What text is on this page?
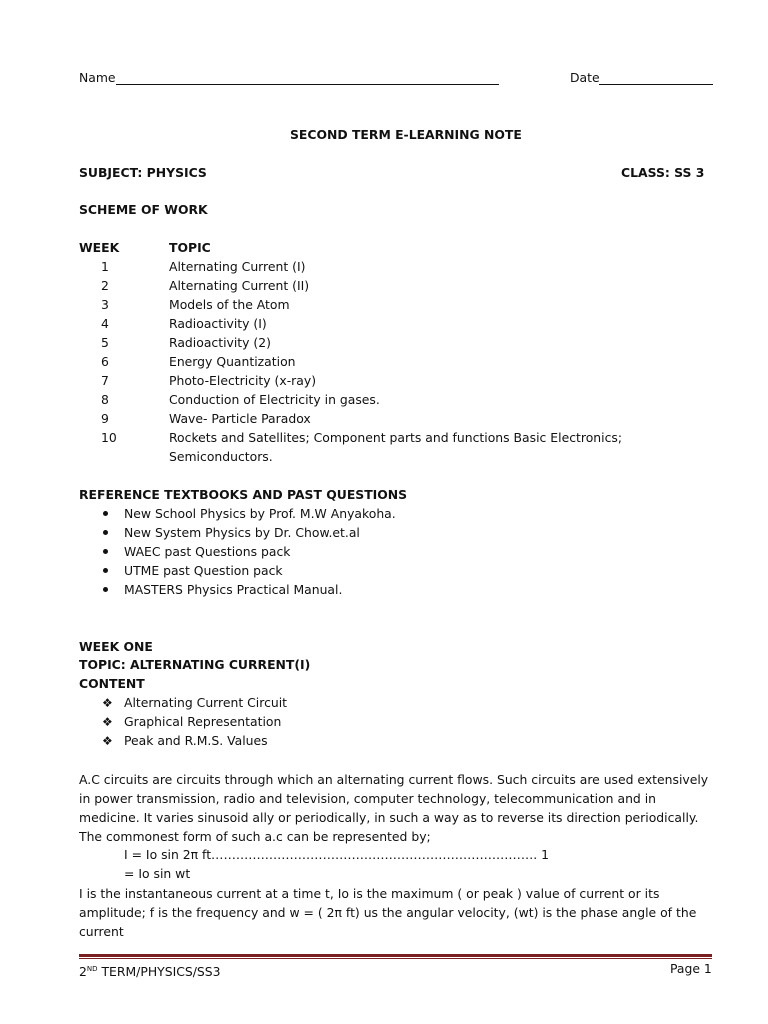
Name	Date
SECOND TERM E-LEARNING NOTE
SUBJECT: PHYSICS	CLASS: SS 3
SCHEME OF WORK
WEEK	TOPIC
1	Alternating Current (I)
2	Alternating Current (II)
3	Models of the Atom
4	Radioactivity (I)
5	Radioactivity (2)
6	Energy Quantization
7	Photo-Electricity (x-ray)
8	Conduction of Electricity in gases.
9	Wave- Particle Paradox
10	Rockets and Satellites; Component parts and functions Basic Electronics;
Semiconductors.
REFERENCE TEXTBOOKS AND PAST QUESTIONS
New School Physics by Prof. M.W Anyakoha.
New System Physics by Dr. Chow.et.al
WAEC past Questions pack
UTME past Question pack
MASTERS Physics Practical Manual.
WEEK ONE
TOPIC: ALTERNATING CURRENT(I)
CONTENT
❖ Alternating Current Circuit
❖ Graphical Representation
❖ Peak and R.M.S. Values
A.C circuits are circuits through which an alternating current flows. Such circuits are used extensively in power transmission, radio and television, computer technology, telecommunication and in medicine. It varies sinusoid ally or periodically, in such a way as to reverse its direction periodically. The commonest form of such a.c can be represented by;
I = Io sin 2π ft……………………………………………………………………. 1
= Io sin wt
I is the instantaneous current at a time t, Io is the maximum ( or peak ) value of current or its amplitude; f is the frequency and w = ( 2π ft) us the angular velocity, (wt) is the phase angle of the current
2ND TERM/PHYSICS/SS3	Page 1
